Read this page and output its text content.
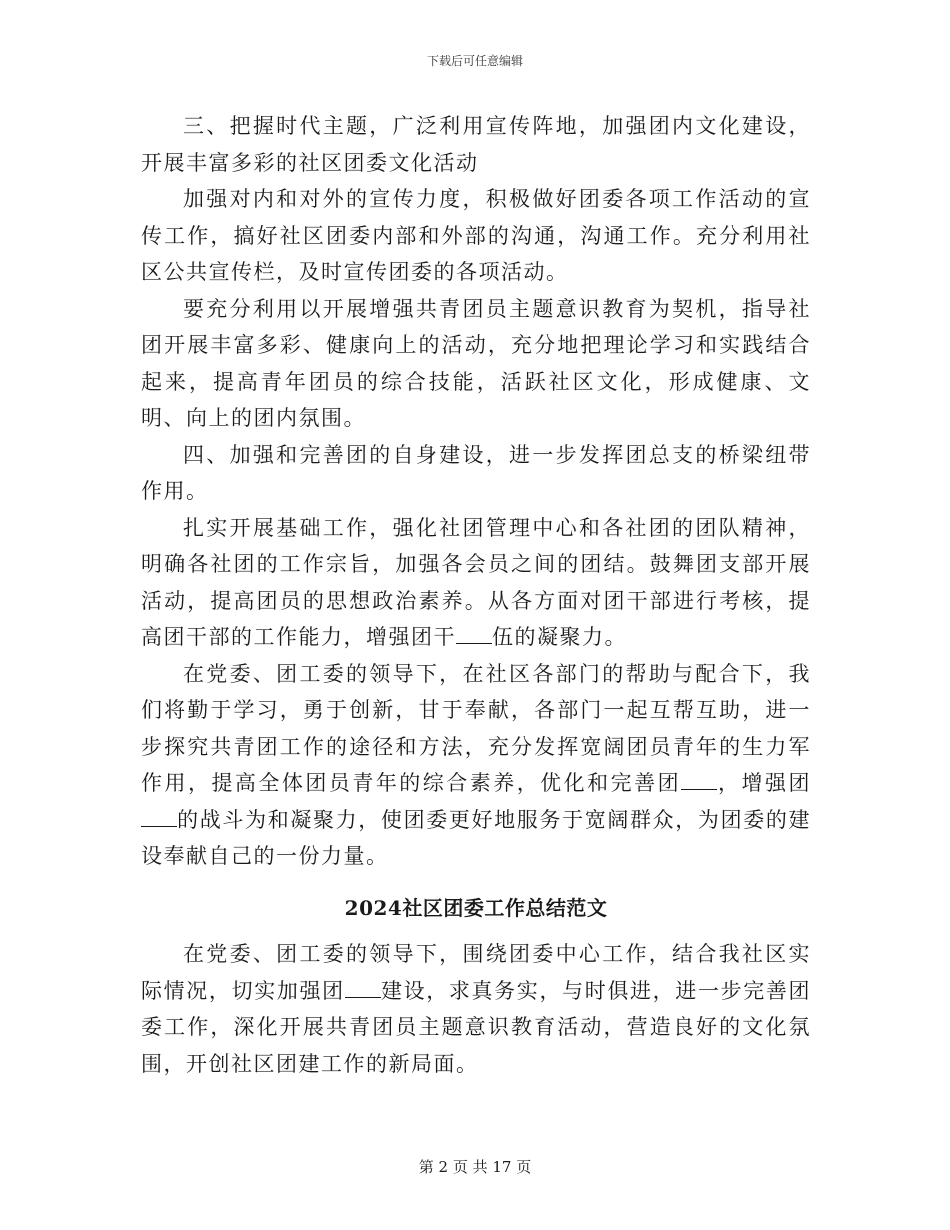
下载后可任意编辑

三、把握时代主题，广泛利用宣传阵地，加强团内文化建设，开展丰富多彩的社区团委文化活动

加强对内和对外的宣传力度，积极做好团委各项工作活动的宣传工作，搞好社区团委内部和外部的沟通，沟通工作。充分利用社区公共宣传栏，及时宣传团委的各项活动。

要充分利用以开展增强共青团员主题意识教育为契机，指导社团开展丰富多彩、健康向上的活动，充分地把理论学习和实践结合起来，提高青年团员的综合技能，活跃社区文化，形成健康、文明、向上的团内氛围。

四、加强和完善团的自身建设，进一步发挥团总支的桥梁纽带作用。

扎实开展基础工作，强化社团管理中心和各社团的团队精神，明确各社团的工作宗旨，加强各会员之间的团结。鼓舞团支部开展活动，提高团员的思想政治素养。从各方面对团干部进行考核，提高团干部的工作能力，增强团干 伍的凝聚力。

在党委、团工委的领导下，在社区各部门的帮助与配合下，我们将勤于学习，勇于创新，甘于奉献，各部门一起互帮互助，进一步探究共青团工作的途径和方法，充分发挥宽阔团员青年的生力军作用，提高全体团员青年的综合素养，优化和完善团 ，增强团的战斗为和凝聚力，使团委更好地服务于宽阔群众，为团委的建设奉献自己的一份力量。

2024社区团委工作总结范文

在党委、团工委的领导下，围绕团委中心工作，结合我社区实际情况，切实加强团 建设，求真务实，与时俱进，进一步完善团委工作，深化开展共青团员主题意识教育活动，营造良好的文化氛围，开创社区团建工作的新局面。

第 2 页 共 17 页
